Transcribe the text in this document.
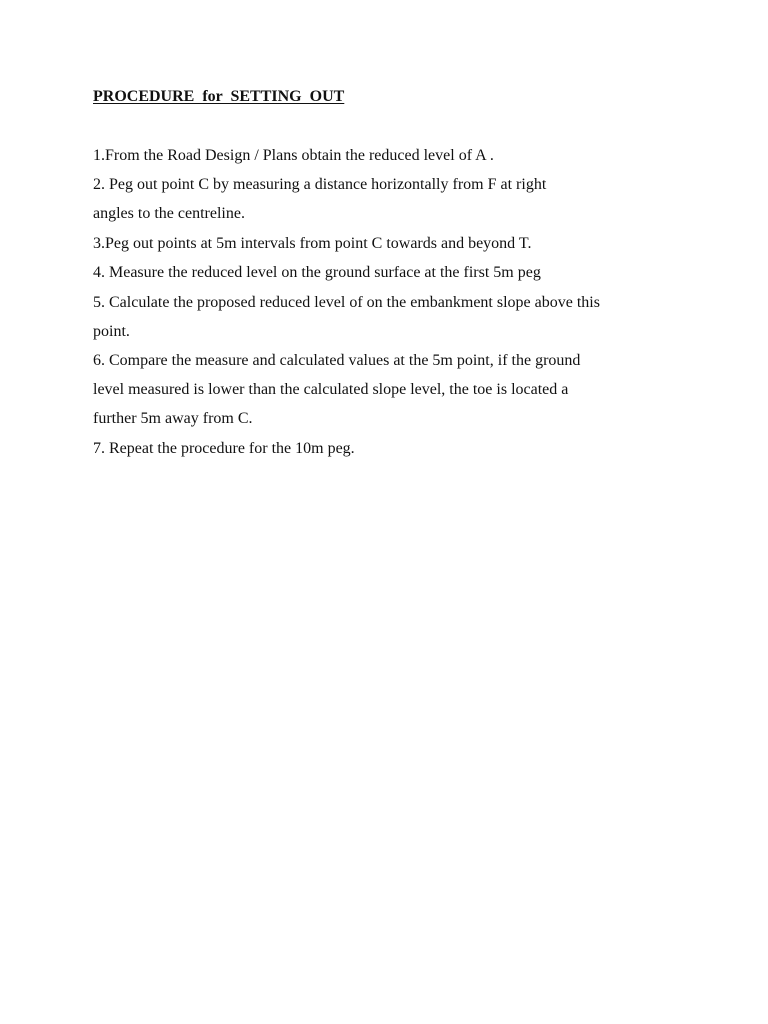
PROCEDURE for SETTING OUT
1.From the Road Design / Plans obtain the reduced level of A .
2. Peg out point C by measuring a distance horizontally from F at right
angles to the centreline.
3.Peg out points at 5m intervals from point C towards and beyond T.
4. Measure the reduced level on the ground surface at the first 5m peg
5. Calculate the proposed reduced level of on the embankment slope above this
point.
6. Compare the measure and calculated values at the 5m point, if the ground
level measured is lower than the calculated slope level, the toe is located a
further 5m away from C.
7. Repeat the procedure for the 10m peg.
